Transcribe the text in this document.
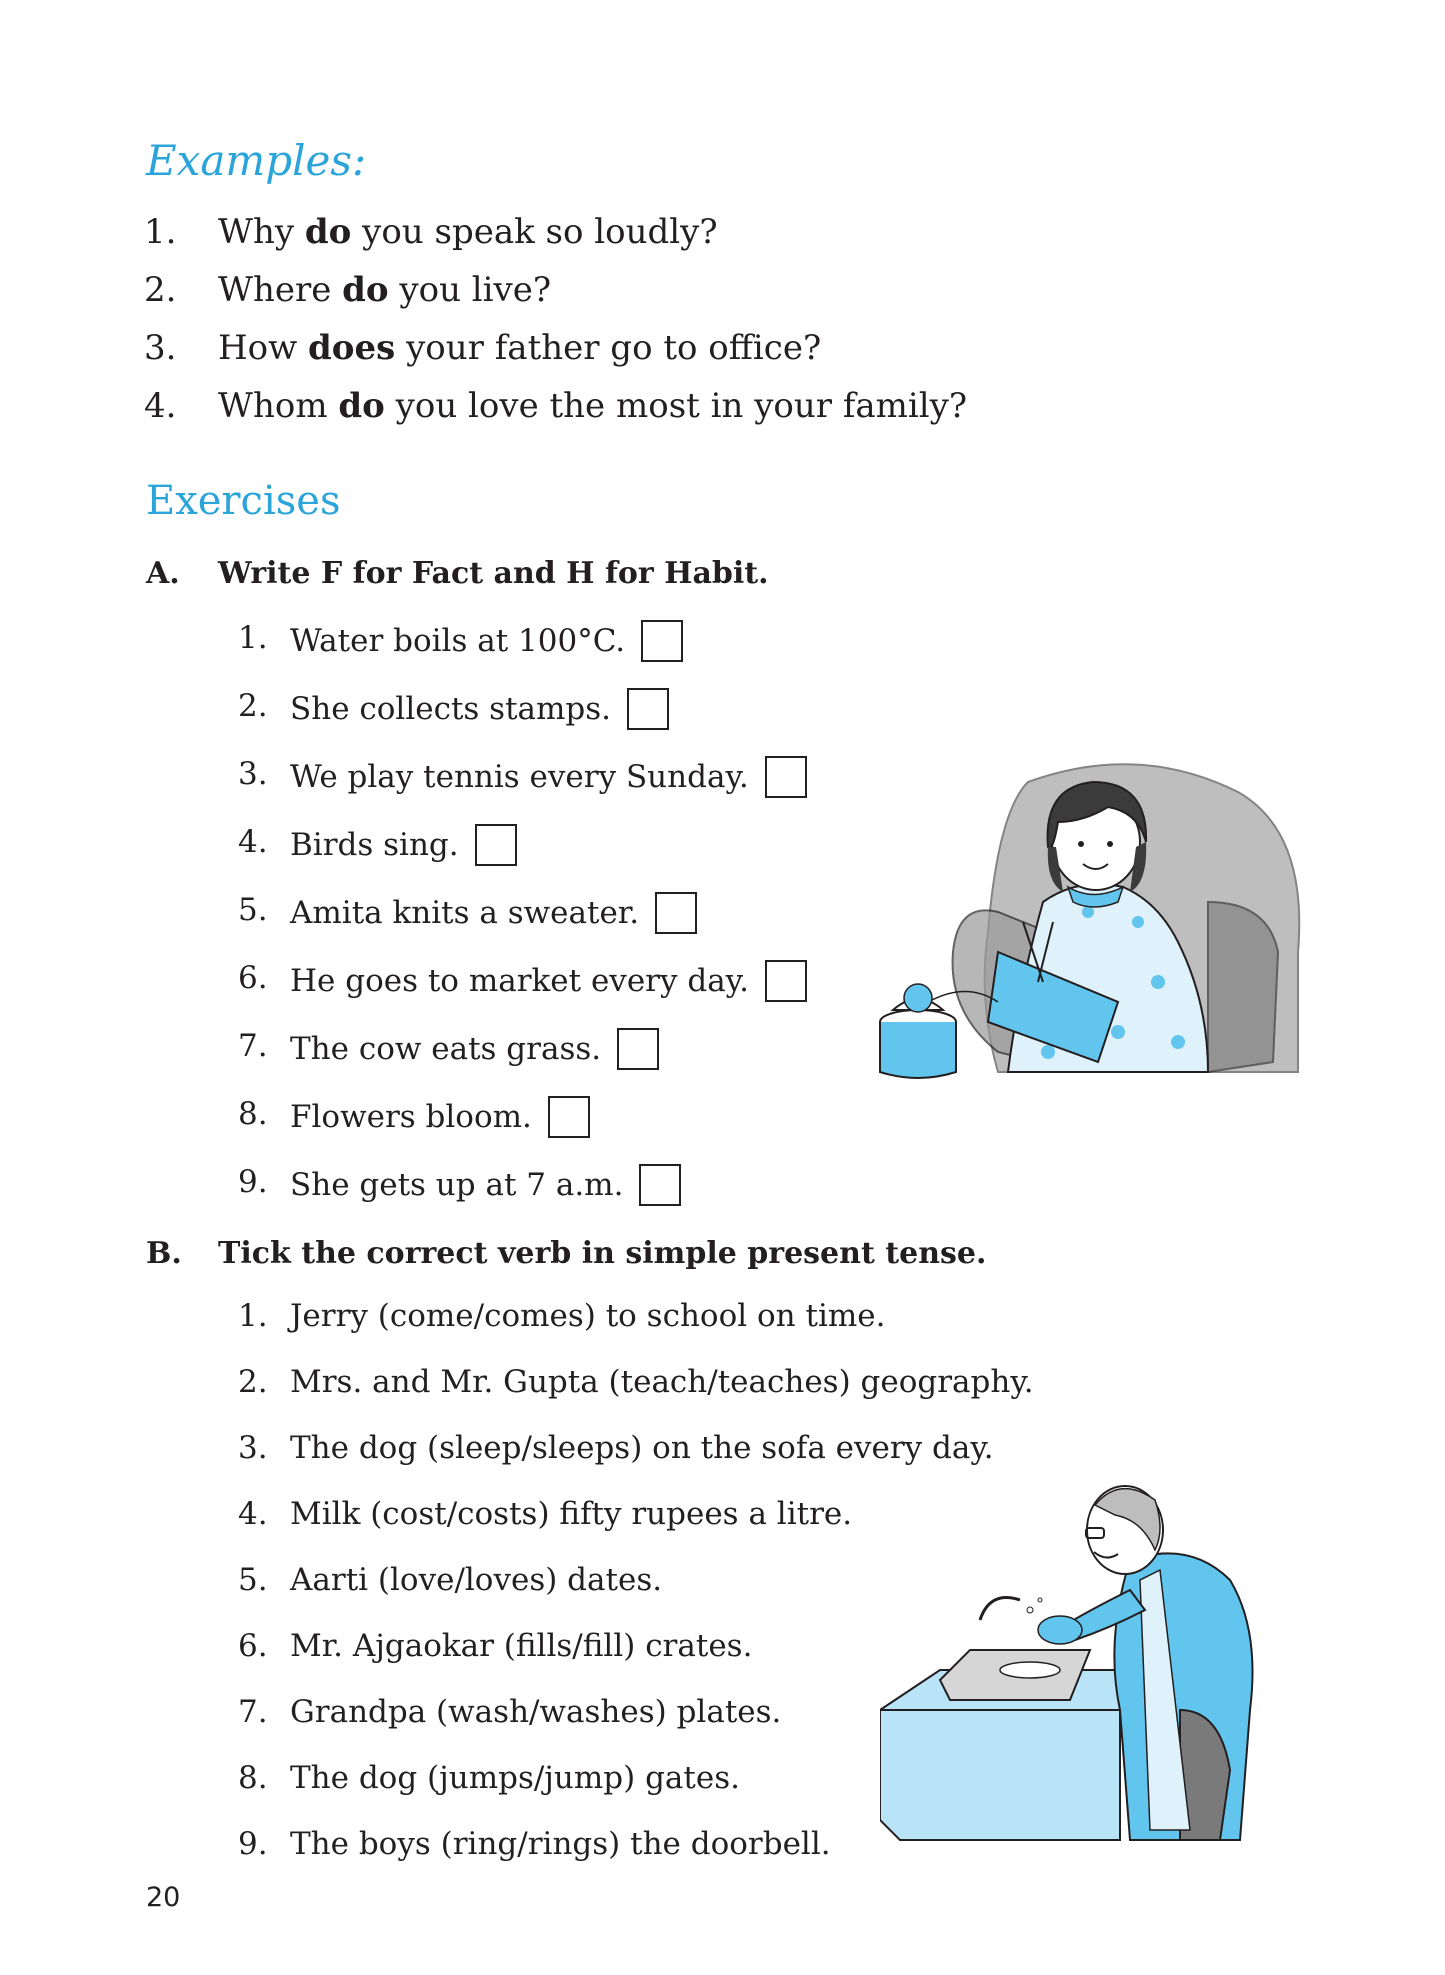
Examples:
1. Why do you speak so loudly?
2. Where do you live?
3. How does your father go to office?
4. Whom do you love the most in your family?
Exercises
A. Write F for Fact and H for Habit.
1. Water boils at 100°C.
2. She collects stamps.
3. We play tennis every Sunday.
4. Birds sing.
5. Amita knits a sweater.
6. He goes to market every day.
7. The cow eats grass.
8. Flowers bloom.
9. She gets up at 7 a.m.
B. Tick the correct verb in simple present tense.
1. Jerry (come/comes) to school on time.
2. Mrs. and Mr. Gupta (teach/teaches) geography.
3. The dog (sleep/sleeps) on the sofa every day.
4. Milk (cost/costs) fifty rupees a litre.
5. Aarti (love/loves) dates.
6. Mr. Ajgaokar (fills/fill) crates.
7. Grandpa (wash/washes) plates.
8. The dog (jumps/jump) gates.
9. The boys (ring/rings) the doorbell.
20
